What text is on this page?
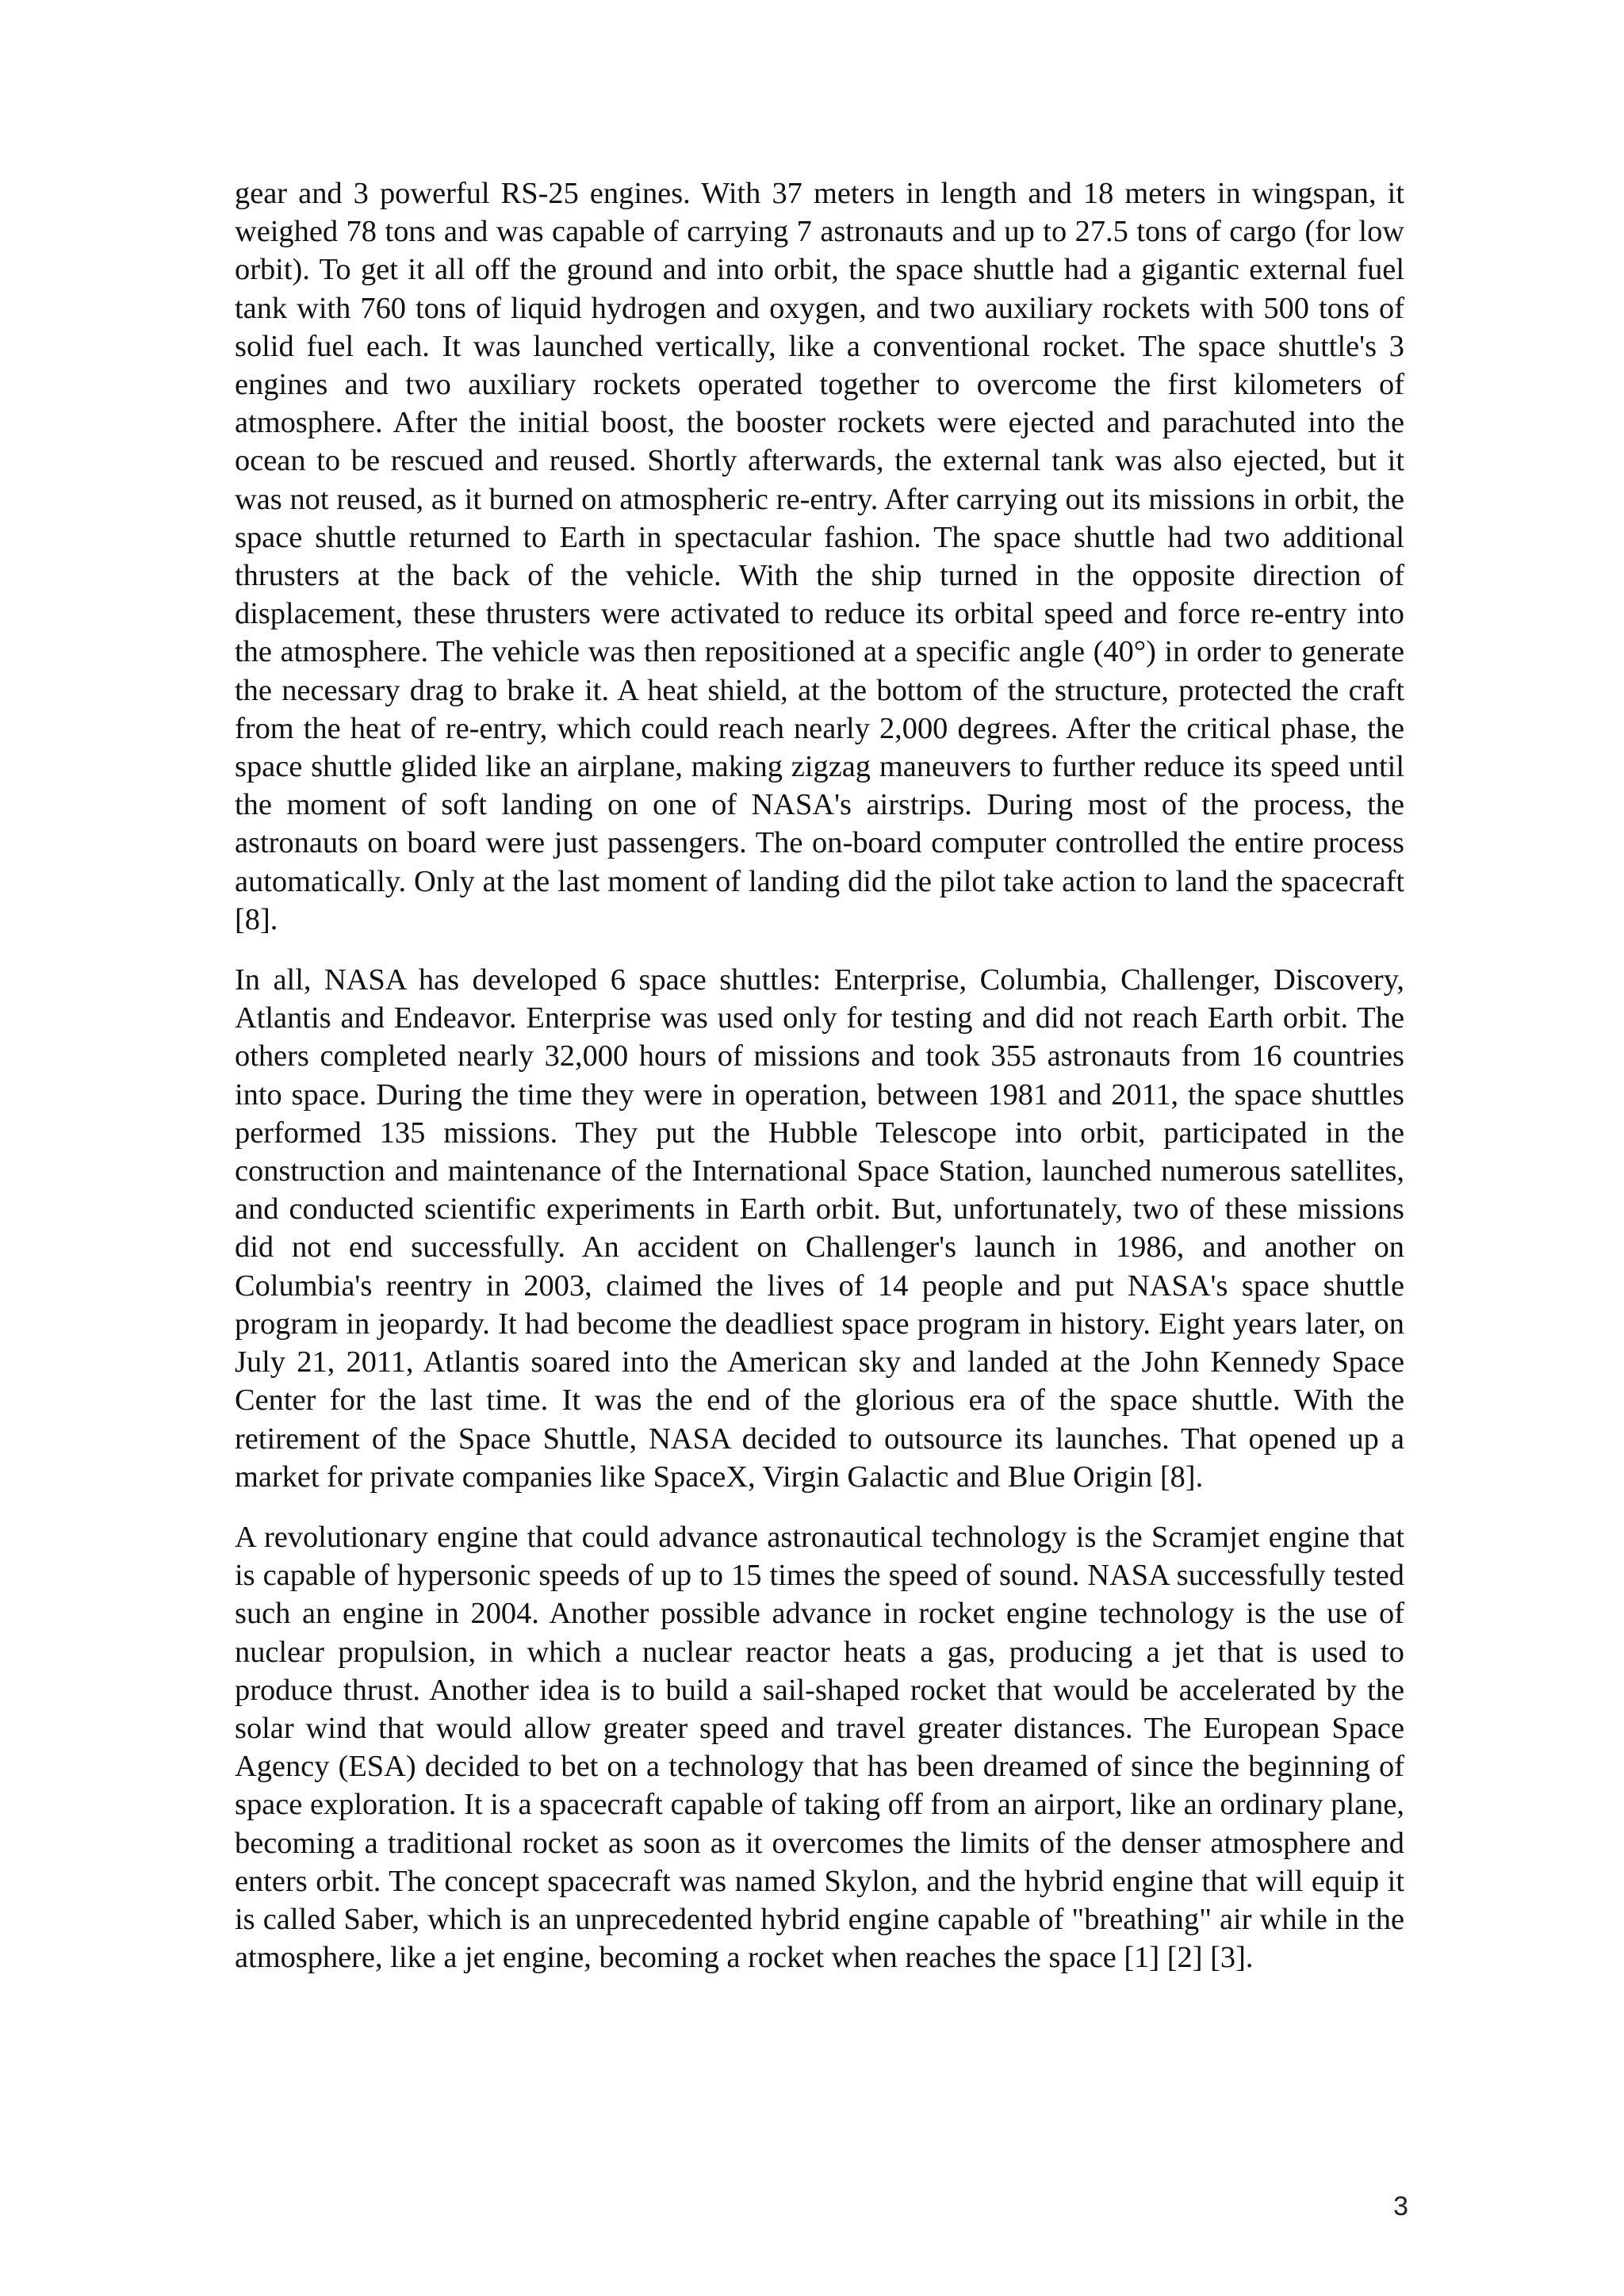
gear and 3 powerful RS-25 engines. With 37 meters in length and 18 meters in wingspan, it weighed 78 tons and was capable of carrying 7 astronauts and up to 27.5 tons of cargo (for low orbit). To get it all off the ground and into orbit, the space shuttle had a gigantic external fuel tank with 760 tons of liquid hydrogen and oxygen, and two auxiliary rockets with 500 tons of solid fuel each. It was launched vertically, like a conventional rocket. The space shuttle's 3 engines and two auxiliary rockets operated together to overcome the first kilometers of atmosphere. After the initial boost, the booster rockets were ejected and parachuted into the ocean to be rescued and reused. Shortly afterwards, the external tank was also ejected, but it was not reused, as it burned on atmospheric re-entry. After carrying out its missions in orbit, the space shuttle returned to Earth in spectacular fashion. The space shuttle had two additional thrusters at the back of the vehicle. With the ship turned in the opposite direction of displacement, these thrusters were activated to reduce its orbital speed and force re-entry into the atmosphere. The vehicle was then repositioned at a specific angle (40°) in order to generate the necessary drag to brake it. A heat shield, at the bottom of the structure, protected the craft from the heat of re-entry, which could reach nearly 2,000 degrees. After the critical phase, the space shuttle glided like an airplane, making zigzag maneuvers to further reduce its speed until the moment of soft landing on one of NASA's airstrips. During most of the process, the astronauts on board were just passengers. The on-board computer controlled the entire process automatically. Only at the last moment of landing did the pilot take action to land the spacecraft [8].

In all, NASA has developed 6 space shuttles: Enterprise, Columbia, Challenger, Discovery, Atlantis and Endeavor. Enterprise was used only for testing and did not reach Earth orbit. The others completed nearly 32,000 hours of missions and took 355 astronauts from 16 countries into space. During the time they were in operation, between 1981 and 2011, the space shuttles performed 135 missions. They put the Hubble Telescope into orbit, participated in the construction and maintenance of the International Space Station, launched numerous satellites, and conducted scientific experiments in Earth orbit. But, unfortunately, two of these missions did not end successfully. An accident on Challenger's launch in 1986, and another on Columbia's reentry in 2003, claimed the lives of 14 people and put NASA's space shuttle program in jeopardy. It had become the deadliest space program in history. Eight years later, on July 21, 2011, Atlantis soared into the American sky and landed at the John Kennedy Space Center for the last time. It was the end of the glorious era of the space shuttle. With the retirement of the Space Shuttle, NASA decided to outsource its launches. That opened up a market for private companies like SpaceX, Virgin Galactic and Blue Origin [8].

A revolutionary engine that could advance astronautical technology is the Scramjet engine that is capable of hypersonic speeds of up to 15 times the speed of sound. NASA successfully tested such an engine in 2004. Another possible advance in rocket engine technology is the use of nuclear propulsion, in which a nuclear reactor heats a gas, producing a jet that is used to produce thrust. Another idea is to build a sail-shaped rocket that would be accelerated by the solar wind that would allow greater speed and travel greater distances. The European Space Agency (ESA) decided to bet on a technology that has been dreamed of since the beginning of space exploration. It is a spacecraft capable of taking off from an airport, like an ordinary plane, becoming a traditional rocket as soon as it overcomes the limits of the denser atmosphere and enters orbit. The concept spacecraft was named Skylon, and the hybrid engine that will equip it is called Saber, which is an unprecedented hybrid engine capable of "breathing" air while in the atmosphere, like a jet engine, becoming a rocket when reaches the space [1] [2] [3].

3
